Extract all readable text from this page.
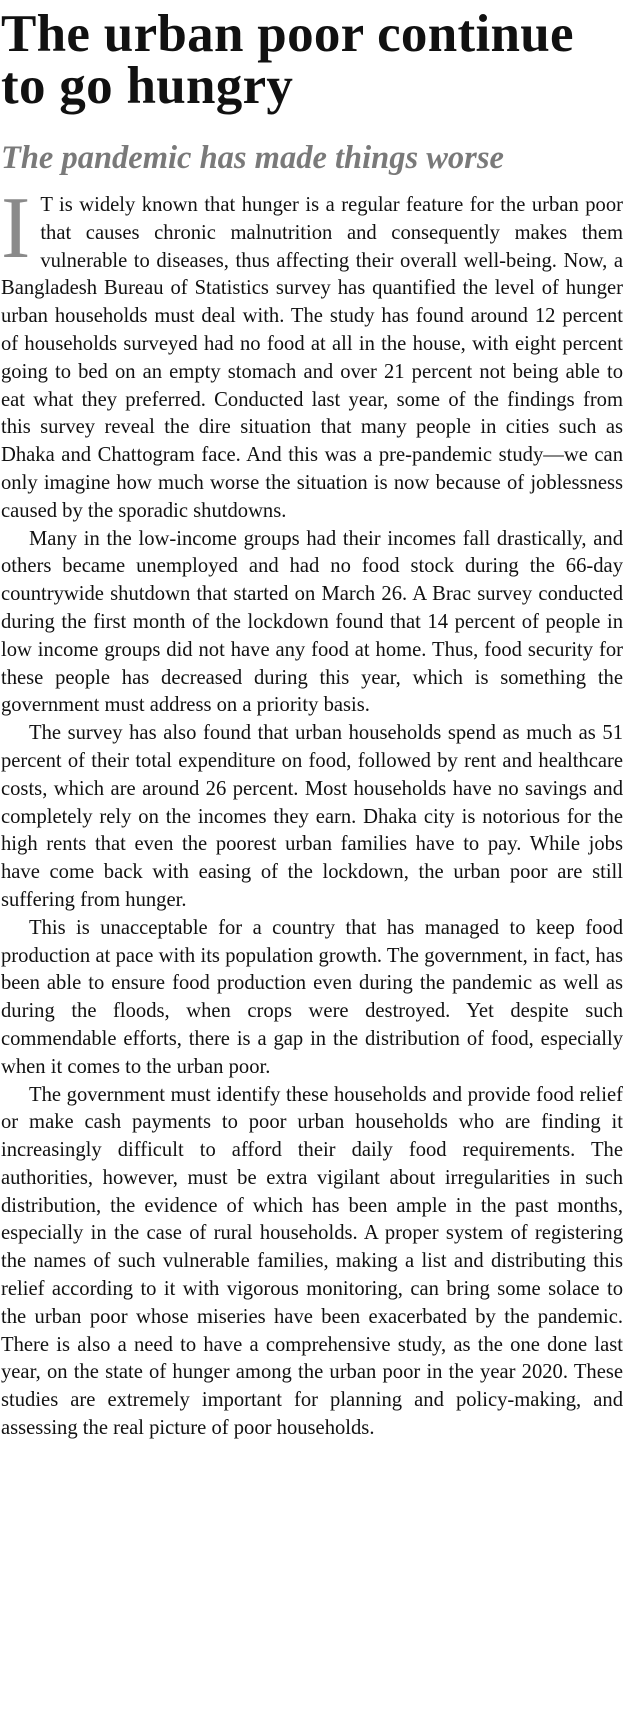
The urban poor continue to go hungry
The pandemic has made things worse

I T is widely known that hunger is a regular feature for the urban poor that causes chronic malnutrition and consequently makes them vulnerable to diseases, thus affecting their overall well-being. Now, a Bangladesh Bureau of Statistics survey has quantified the level of hunger urban households must deal with. The study has found around 12 percent of households surveyed had no food at all in the house, with eight percent going to bed on an empty stomach and over 21 percent not being able to eat what they preferred. Conducted last year, some of the findings from this survey reveal the dire situation that many people in cities such as Dhaka and Chattogram face. And this was a pre-pandemic study—we can only imagine how much worse the situation is now because of joblessness caused by the sporadic shutdowns.

Many in the low-income groups had their incomes fall drastically, and others became unemployed and had no food stock during the 66-day countrywide shutdown that started on March 26. A Brac survey conducted during the first month of the lockdown found that 14 percent of people in low income groups did not have any food at home. Thus, food security for these people has decreased during this year, which is something the government must address on a priority basis.

The survey has also found that urban households spend as much as 51 percent of their total expenditure on food, followed by rent and healthcare costs, which are around 26 percent. Most households have no savings and completely rely on the incomes they earn. Dhaka city is notorious for the high rents that even the poorest urban families have to pay. While jobs have come back with easing of the lockdown, the urban poor are still suffering from hunger.

This is unacceptable for a country that has managed to keep food production at pace with its population growth. The government, in fact, has been able to ensure food production even during the pandemic as well as during the floods, when crops were destroyed. Yet despite such commendable efforts, there is a gap in the distribution of food, especially when it comes to the urban poor.

The government must identify these households and provide food relief or make cash payments to poor urban households who are finding it increasingly difficult to afford their daily food requirements. The authorities, however, must be extra vigilant about irregularities in such distribution, the evidence of which has been ample in the past months, especially in the case of rural households. A proper system of registering the names of such vulnerable families, making a list and distributing this relief according to it with vigorous monitoring, can bring some solace to the urban poor whose miseries have been exacerbated by the pandemic. There is also a need to have a comprehensive study, as the one done last year, on the state of hunger among the urban poor in the year 2020. These studies are extremely important for planning and policy-making, and assessing the real picture of poor households.
